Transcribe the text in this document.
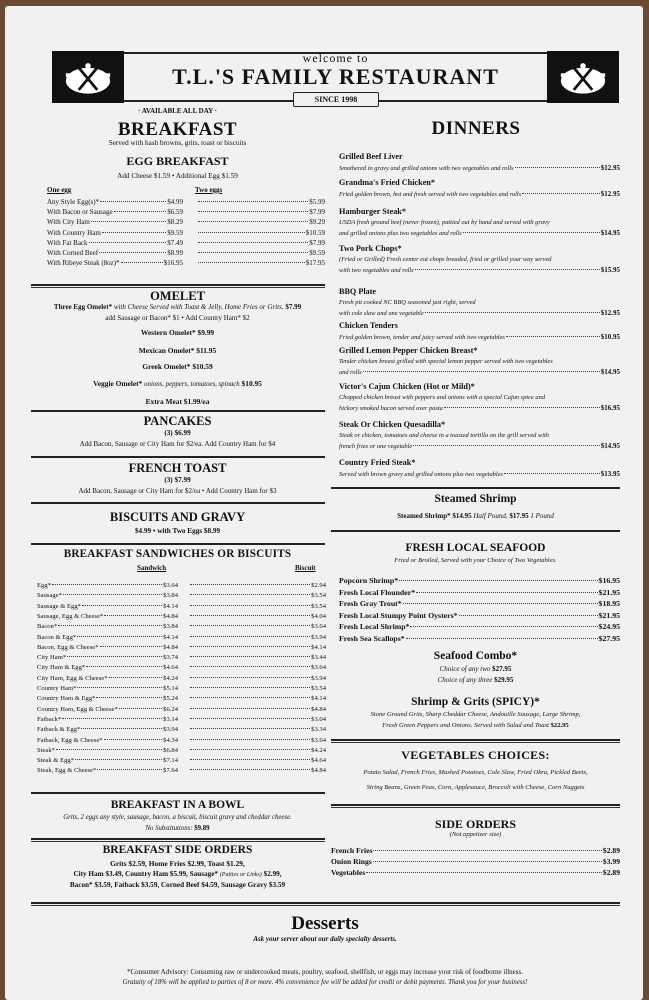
welcome to
T.L.'S FAMILY RESTAURANT
SINCE 1998
· AVAILABLE ALL DAY ·
BREAKFAST
Served with hash browns, grits, toast or biscuits
EGG BREAKFAST
Add Cheese $1.59 • Additional Egg $1.59
One egg	Two eggs
Any Style Egg(s)*	$4.99	$5.99
With Bacon or Sausage	$6.59	$7.99
With City Ham	$8.29	$9.29
With Country Ham	$9.59	$10.59
With Fat Back	$7.49	$7.99
With Corned Beef	$8.99	$9.59
With Ribeye Steak (8oz)*	$16.95	$17.95
OMELET
Three Egg Omelet* with Cheese Served with Toast & Jelly, Home Fries or Grits. $7.99
add Sausage or Bacon* $1 • Add Country Ham* $2
Western Omelet* $9.99
Mexican Omelet* $11.95
Greek Omelet* $10.59
Veggie Omelet* onions, peppers, tomatoes, spinach $10.95
Extra Meat $1.99/ea
PANCAKES
(3) $6.99
Add Bacon, Sausage or City Ham for $2/ea. Add Country Ham for $4
FRENCH TOAST
(3) $7.99
Add Bacon, Sausage or City Ham for $2/ea • Add Country Ham for $3
BISCUITS AND GRAVY
$4.99 • with Two Eggs $8.99
BREAKFAST SANDWICHES OR BISCUITS
Sandwich	Biscuit
Egg*	$3.64	$2.94
Sausage*	$3.84	$3.54
Sausage & Egg*	$4.14	$3.54
Sausage, Egg & Cheese*	$4.84	$4.04
Bacon*	$3.84	$3.64
Bacon & Egg*	$4.14	$3.94
Bacon, Egg & Cheese*	$4.84	$4.14
City Ham*	$3.74	$3.44
City Ham & Egg*	$4.64	$3.64
City Ham, Egg & Cheese*	$4.24	$3.94
Country Ham*	$5.14	$3.54
Country Ham & Egg*	$5.24	$4.14
Country Ham, Egg & Cheese*	$6.24	$4.84
Fatback*	$3.14	$3.04
Fatback & Egg*	$3.94	$3.34
Fatback, Egg & Cheese*	$4.34	$3.64
Steak*	$6.84	$4.24
Steak & Egg*	$7.14	$4.64
Steak, Egg & Cheese*	$7.64	$4.84
BREAKFAST IN A BOWL
Grits, 2 eggs any style, sausage, bacon, a biscuit, biscuit gravy and cheddar cheese.
No Substitutions: $9.89
BREAKFAST SIDE ORDERS
Grits $2.59, Home Fries $2.99, Toast $1.29,
City Ham $3.49, Country Ham $5.99, Sausage* (Patties or Links) $2.99,
Bacon* $3.59, Fatback $3.59, Corned Beef $4.59, Sausage Gravy $3.59
DINNERS
Grilled Beef Liver
Smothered in gravy and grilled onions with two vegetables and rolls	$12.95
Grandma's Fried Chicken*
Fried golden brown, hot and fresh served with two vegetables and rolls	$12.95
Hamburger Steak*
USDA fresh ground beef (never frozen), pattied out by hand and served with gravy
and grilled onions plus two vegetables and rolls	$14.95
Two Pork Chops*
(Fried or Grilled) Fresh center cut chops breaded, fried or grilled your way served
with two vegetables and rolls	$15.95
BBQ Plate
Fresh pit cooked NC BBQ seasoned just right, served
with cole slaw and one vegetable	$12.95
Chicken Tenders
Fried golden brown, tender and juicy served with two vegetables	$10.95
Grilled Lemon Pepper Chicken Breast*
Tender chicken breast grilled with special lemon pepper served with two vegetables
and rolls	$14.95
Victor's Cajun Chicken (Hot or Mild)*
Chopped chicken breast with peppers and onions with a special Cajun spice and
hickory smoked bacon served over pasta	$16.95
Steak Or Chicken Quesadilla*
Steak or chicken, tomatoes and cheese in a toasted tortilla on the grill served with
french fries or one vegetable	$14.95
Country Fried Steak*
Served with brown gravy and grilled onions plus two vegetables	$13.95
Steamed Shrimp
Steamed Shrimp* $14.95 Half Pound, $17.95 1 Pound
FRESH LOCAL SEAFOOD
Fried or Broiled, Served with your Choice of Two Vegetables.
Popcorn Shrimp*	$16.95
Fresh Local Flounder*	$21.95
Fresh Gray Trout*	$18.95
Fresh Local Stumpy Point Oysters*	$21.95
Fresh Local Shrimp*	$24.95
Fresh Sea Scallops*	$27.95
Seafood Combo*
Choice of any two $27.95
Choice of any three $29.95
Shrimp & Grits (SPICY)*
Stone Ground Grits, Sharp Cheddar Cheese, Andouille Sausage, Large Shrimp,
Fresh Green Peppers and Onions. Served with Salad and Toast $22.95
VEGETABLES CHOICES:
Potato Salad, French Fries, Mashed Potatoes, Cole Slaw, Fried Okra, Pickled Beets,
String Beans, Green Peas, Corn, Applesauce, Broccoli with Cheese, Corn Nuggets
SIDE ORDERS
(Not appetizer size)
French Fries	$2.89
Onion Rings	$3.99
Vegetables	$2.89
Desserts
Ask your server about our daily specialty desserts.
*Consumer Advisory: Consuming raw or undercooked meats, poultry, seafood, shellfish, or eggs may increase your risk of foodborne illness.
Gratuity of 18% will be applied to parties of 8 or more. 4% convenience fee will be added for credit or debit payments. Thank you for your business!
